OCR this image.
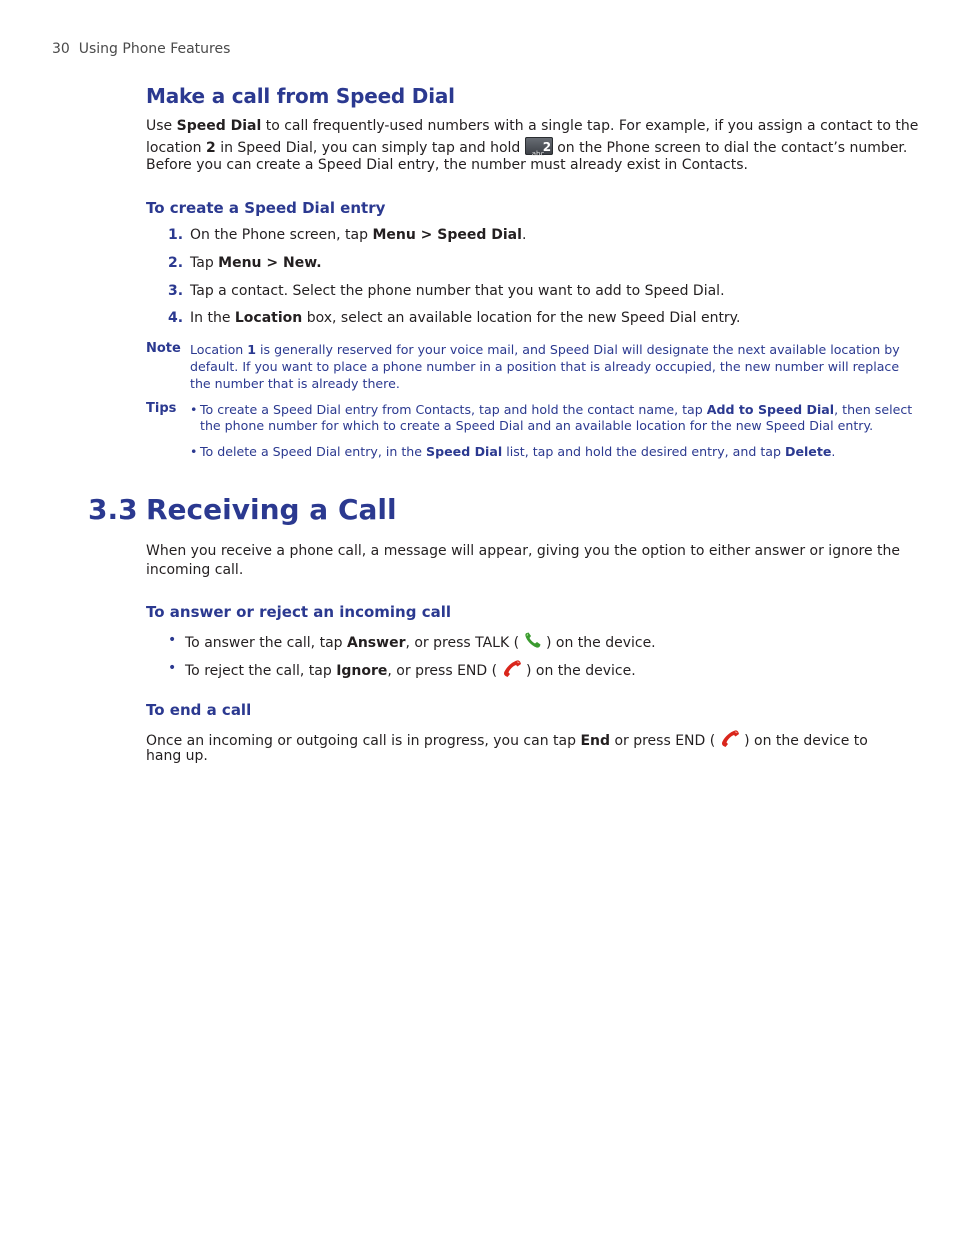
30 Using Phone Features
Make a call from Speed Dial
Use Speed Dial to call frequently-used numbers with a single tap. For example, if you assign a contact to the
location 2 in Speed Dial, you can simply tap and hold abc
2 on the Phone screen to dial the contact’s number.
Before you can create a Speed Dial entry, the number must already exist in Contacts.
To create a Speed Dial entry
1. On the Phone screen, tap Menu > Speed Dial.
2. Tap Menu > New.
3. Tap a contact. Select the phone number that you want to add to Speed Dial.
4. In the Location box, select an available location for the new Speed Dial entry.
Note Location 1 is generally reserved for your voice mail, and Speed Dial will designate the next available location by
default. If you want to place a phone number in a position that is already occupied, the new number will replace
the number that is already there.
Tips • To create a Speed Dial entry from Contacts, tap and hold the contact name, tap Add to Speed Dial, then select
the phone number for which to create a Speed Dial and an available location for the new Speed Dial entry.
• To delete a Speed Dial entry, in the Speed Dial list, tap and hold the desired entry, and tap Delete.
3.3 Receiving a Call
When you receive a phone call, a message will appear, giving you the option to either answer or ignore the
incoming call.
To answer or reject an incoming call
• To answer the call, tap Answer, or press TALK (  ) on the device.
• To reject the call, tap Ignore, or press END (  ) on the device.
To end a call
Once an incoming or outgoing call is in progress, you can tap End or press END (  ) on the device to
hang up.
